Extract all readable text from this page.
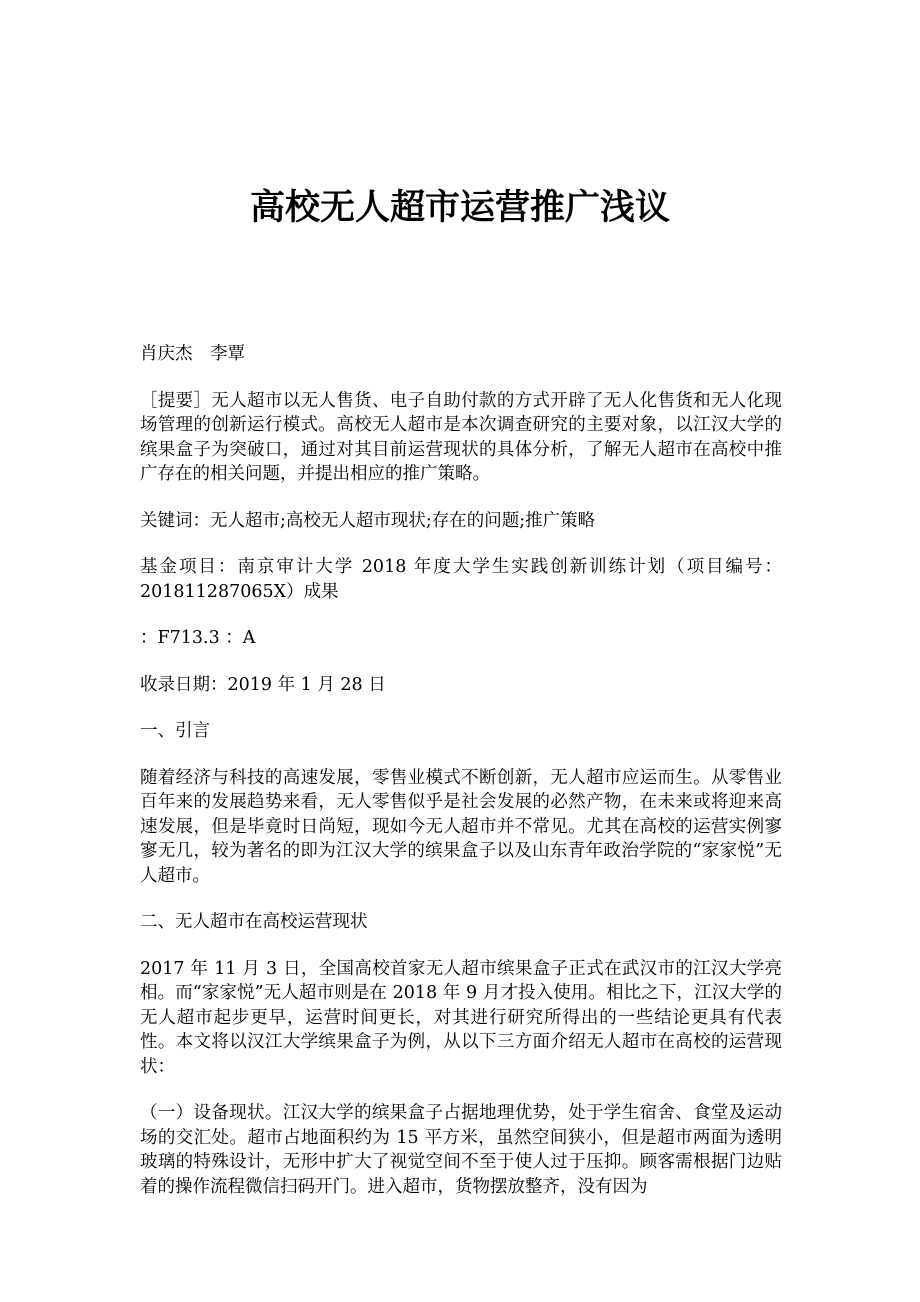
高校无人超市运营推广浅议

肖庆杰　李覃

［提要］无人超市以无人售货、电子自助付款的方式开辟了无人化售货和无人化现场管理的创新运行模式。高校无人超市是本次调查研究的主要对象，以江汉大学的缤果盒子为突破口，通过对其目前运营现状的具体分析，了解无人超市在高校中推广存在的相关问题，并提出相应的推广策略。

关键词：无人超市;高校无人超市现状;存在的问题;推广策略

基金项目：南京审计大学 2018 年度大学生实践创新训练计划（项目编号：201811287065X）成果

：F713.3 ：A

收录日期：2019 年 1 月 28 日

一、引言

随着经济与科技的高速发展，零售业模式不断创新，无人超市应运而生。从零售业百年来的发展趋势来看，无人零售似乎是社会发展的必然产物，在未来或将迎来高速发展，但是毕竟时日尚短，现如今无人超市并不常见。尤其在高校的运营实例寥寥无几，较为著名的即为江汉大学的缤果盒子以及山东青年政治学院的“家家悦”无人超市。

二、无人超市在高校运营现状

2017 年 11 月 3 日，全国高校首家无人超市缤果盒子正式在武汉市的江汉大学亮相。而“家家悦”无人超市则是在 2018 年 9 月才投入使用。相比之下，江汉大学的无人超市起步更早，运营时间更长，对其进行研究所得出的一些结论更具有代表性。本文将以汉江大学缤果盒子为例，从以下三方面介绍无人超市在高校的运营现状：

（一）设备现状。江汉大学的缤果盒子占据地理优势，处于学生宿舍、食堂及运动场的交汇处。超市占地面积约为 15 平方米，虽然空间狭小，但是超市两面为透明玻璃的特殊设计，无形中扩大了视觉空间不至于使人过于压抑。顾客需根据门边贴着的操作流程微信扫码开门。进入超市，货物摆放整齐，没有因为
